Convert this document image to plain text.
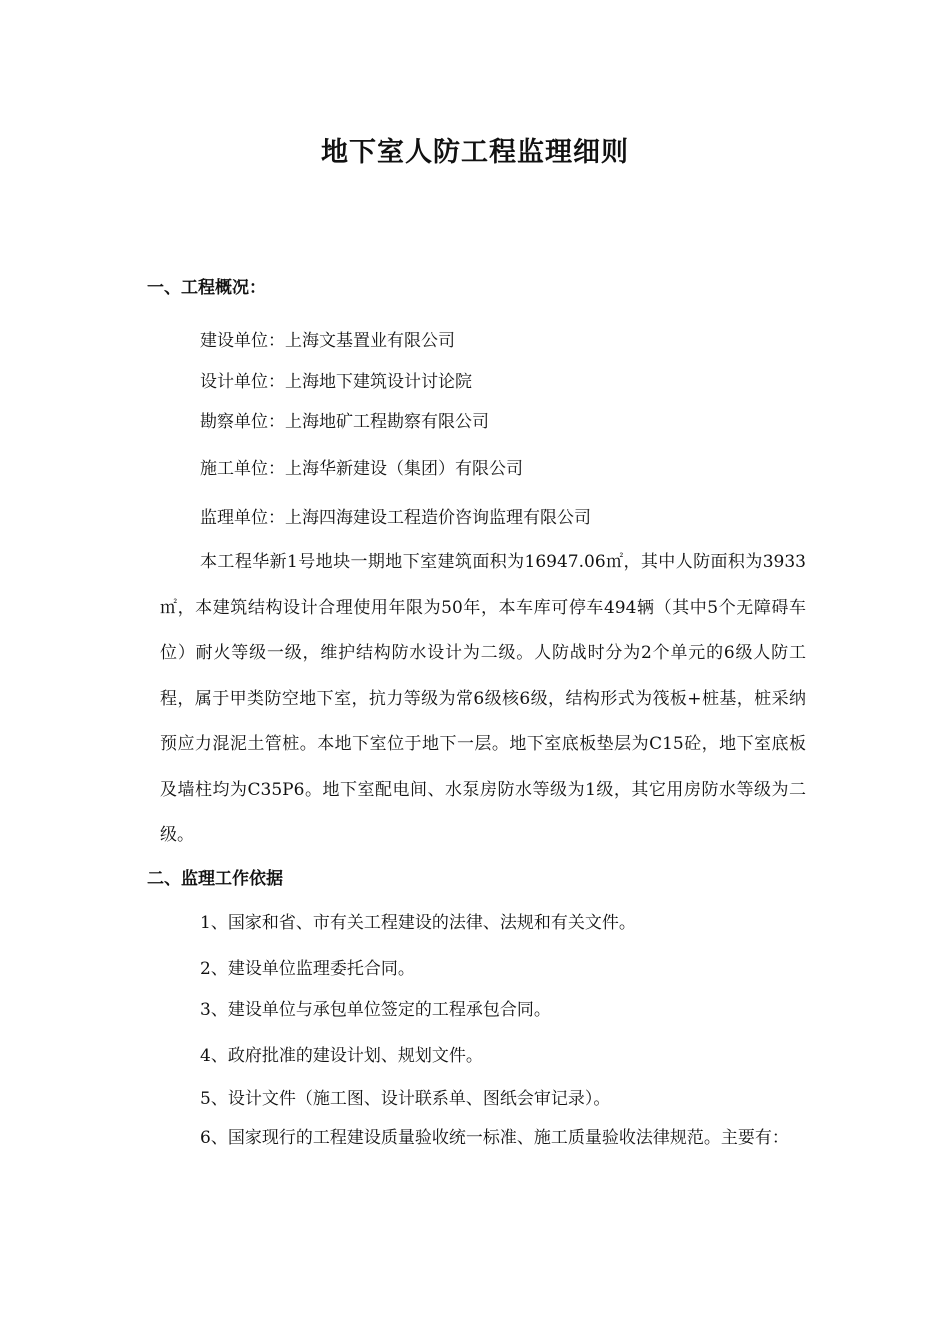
地下室人防工程监理细则
一、工程概况：
建设单位：上海文基置业有限公司
设计单位：上海地下建筑设计讨论院
勘察单位：上海地矿工程勘察有限公司
施工单位：上海华新建设（集团）有限公司
监理单位：上海四海建设工程造价咨询监理有限公司

本工程华新1号地块一期地下室建筑面积为16947.06㎡，其中人防面积为3933 ㎡，本建筑结构设计合理使用年限为50年，本车库可停车494辆（其中5个无障碍车位）耐火等级一级，维护结构防水设计为二级。人防战时分为2个单元的6级人防工程，属于甲类防空地下室，抗力等级为常6级核6级，结构形式为筏板+桩基，桩采纳预应力混泥土管桩。本地下室位于地下一层。地下室底板垫层为C15砼，地下室底板及墙柱均为C35P6。地下室配电间、水泵房防水等级为1级，其它用房防水等级为二级。

二、监理工作依据
1、国家和省、市有关工程建设的法律、法规和有关文件。
2、建设单位监理委托合同。
3、建设单位与承包单位签定的工程承包合同。
4、政府批准的建设计划、规划文件。
5、设计文件（施工图、设计联系单、图纸会审记录）。

6、国家现行的工程建设质量验收统一标准、施工质量验收法律规范。主要有：
